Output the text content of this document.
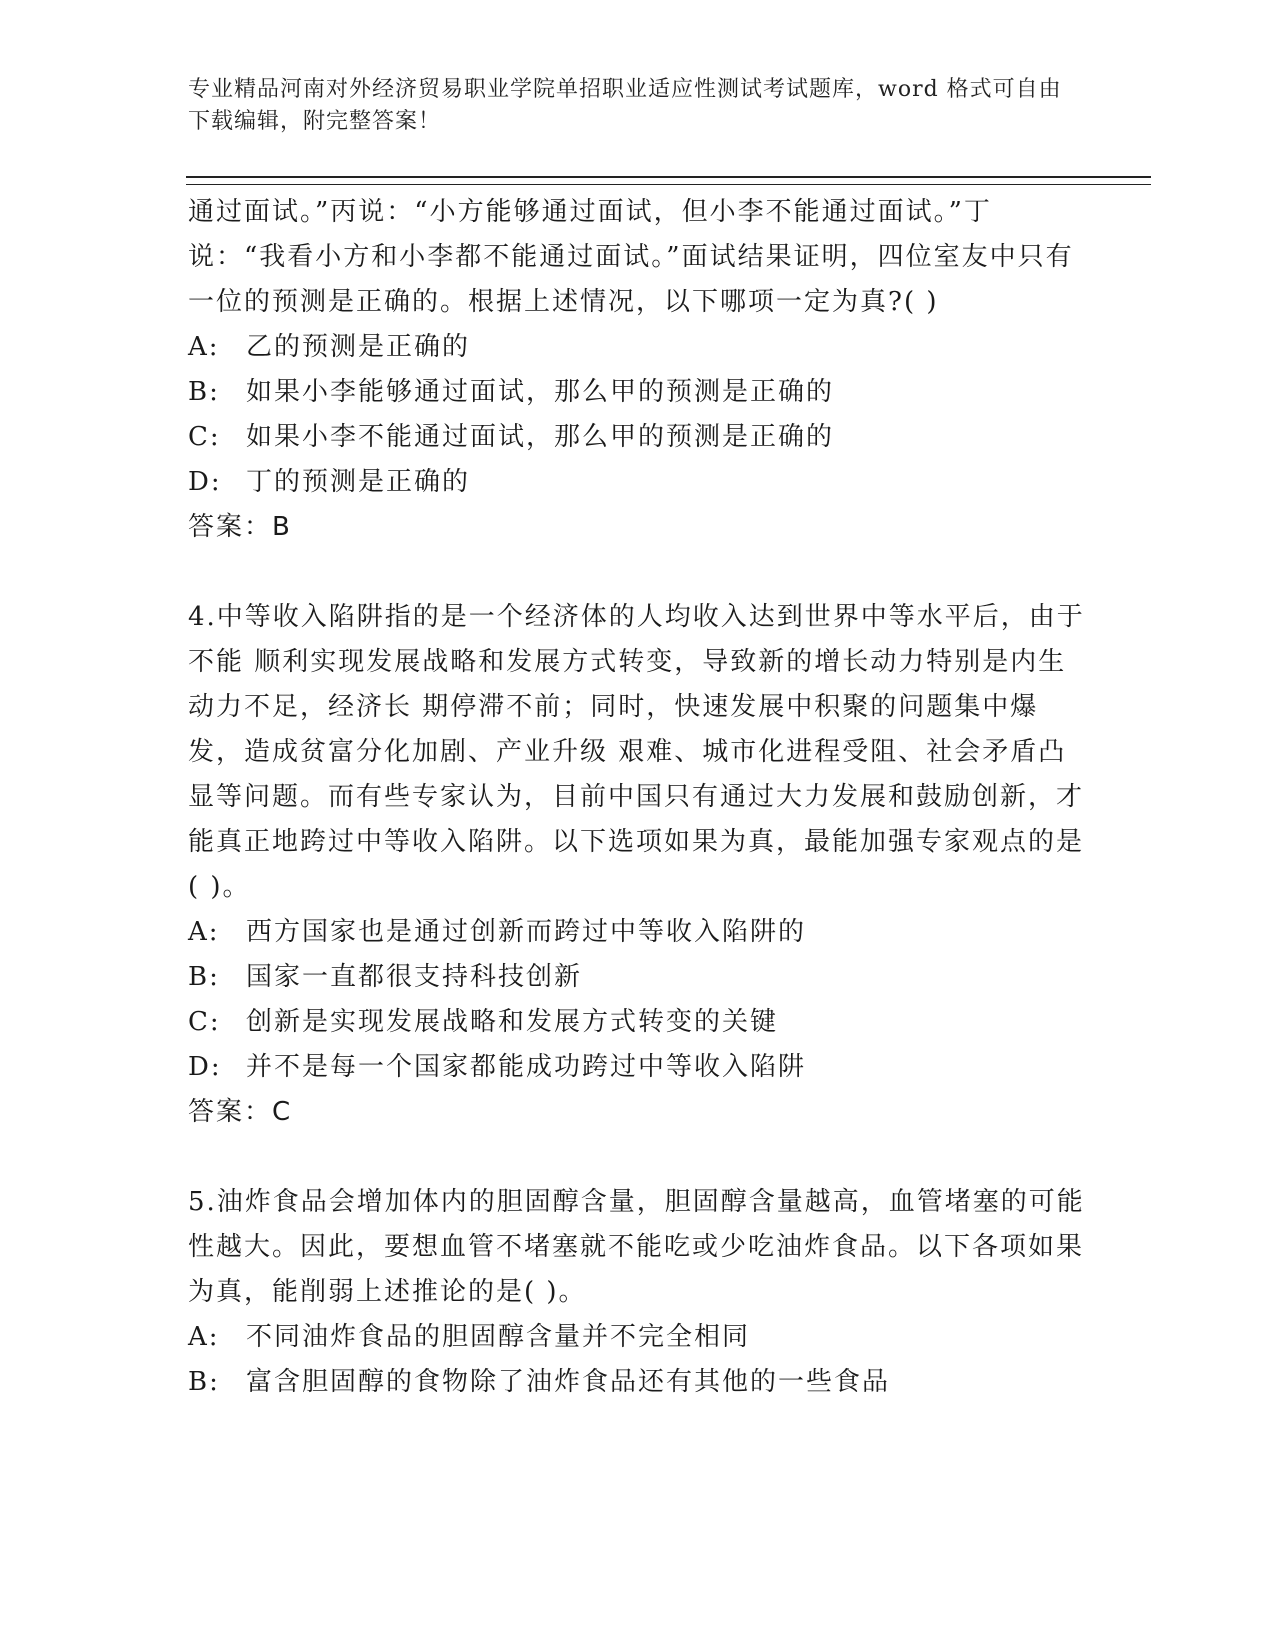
专业精品河南对外经济贸易职业学院单招职业适应性测试考试题库，word 格式可自由下载编辑，附完整答案！

通过面试。”丙说：“小方能够通过面试，但小李不能通过面试。”丁说：“我看小方和小李都不能通过面试。”面试结果证明，四位室友中只有一位的预测是正确的。根据上述情况，以下哪项一定为真?( )

A: 乙的预测是正确的
B: 如果小李能够通过面试，那么甲的预测是正确的
C: 如果小李不能通过面试，那么甲的预测是正确的
D: 丁的预测是正确的
答案：B

4.中等收入陷阱指的是一个经济体的人均收入达到世界中等水平后，由于不能 顺利实现发展战略和发展方式转变，导致新的增长动力特别是内生动力不足，经济长 期停滞不前；同时，快速发展中积聚的问题集中爆发，造成贫富分化加剧、产业升级 艰难、城市化进程受阻、社会矛盾凸显等问题。而有些专家认为，目前中国只有通过大力发展和鼓励创新，才能真正地跨过中等收入陷阱。以下选项如果为真，最能加强专家观点的是( )。

A: 西方国家也是通过创新而跨过中等收入陷阱的
B: 国家一直都很支持科技创新
C: 创新是实现发展战略和发展方式转变的关键
D: 并不是每一个国家都能成功跨过中等收入陷阱
答案：C

5.油炸食品会增加体内的胆固醇含量，胆固醇含量越高，血管堵塞的可能性越大。因此，要想血管不堵塞就不能吃或少吃油炸食品。以下各项如果为真，能削弱上述推论的是( )。

A: 不同油炸食品的胆固醇含量并不完全相同
B: 富含胆固醇的食物除了油炸食品还有其他的一些食品
